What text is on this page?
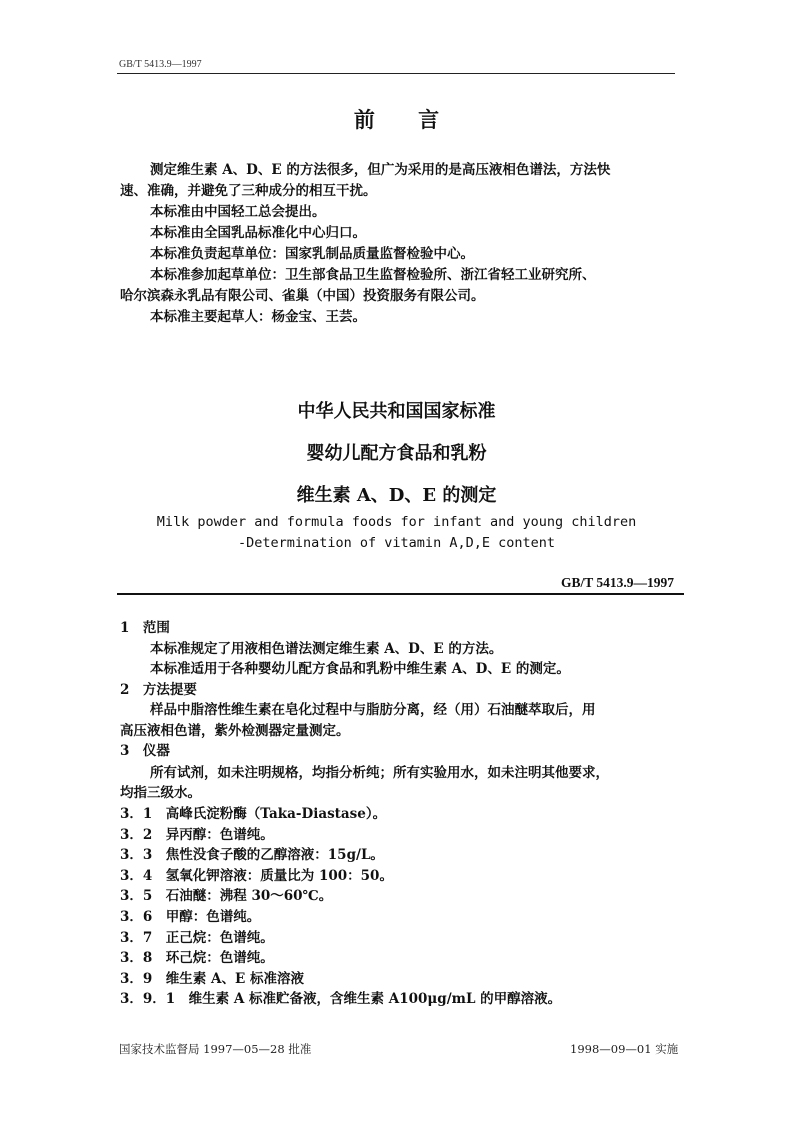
GB/T 5413.9—1997
前 言
测定维生素 A、D、E 的方法很多，但广为采用的是高压液相色谱法，方法快
速、准确，并避免了三种成分的相互干扰。
本标准由中国轻工总会提出。
本标准由全国乳品标准化中心归口。
本标准负责起草单位：国家乳制品质量监督检验中心。
本标准参加起草单位：卫生部食品卫生监督检验所、浙江省轻工业研究所、
哈尔滨森永乳品有限公司、雀巢（中国）投资服务有限公司。
本标准主要起草人：杨金宝、王芸。
中华人民共和国国家标准
婴幼儿配方食品和乳粉
维生素 A、D、E 的测定
Milk powder and formula foods for infant and young children
-Determination of vitamin A,D,E content
GB/T 5413.9—1997
1　范围
本标准规定了用液相色谱法测定维生素 A、D、E 的方法。
本标准适用于各种婴幼儿配方食品和乳粉中维生素 A、D、E 的测定。
2　方法提要
样品中脂溶性维生素在皂化过程中与脂肪分离，经（用）石油醚萃取后，用
高压液相色谱，紫外检测器定量测定。
3　仪器
所有试剂，如未注明规格，均指分析纯；所有实验用水，如未注明其他要求，
均指三级水。
3．1　高峰氏淀粉酶（Taka-Diastase）。
3．2　异丙醇：色谱纯。
3．3　焦性没食子酸的乙醇溶液：15g/L。
3．4　氢氧化钾溶液：质量比为 100：50。
3．5　石油醚：沸程 30～60℃。
3．6　甲醇：色谱纯。
3．7　正己烷：色谱纯。
3．8　环己烷：色谱纯。
3．9　维生素 A、E 标准溶液
3．9．1　维生素 A 标准贮备液，含维生素 A100μg/mL 的甲醇溶液。
国家技术监督局 1997—05—28 批准	1998—09—01 实施
